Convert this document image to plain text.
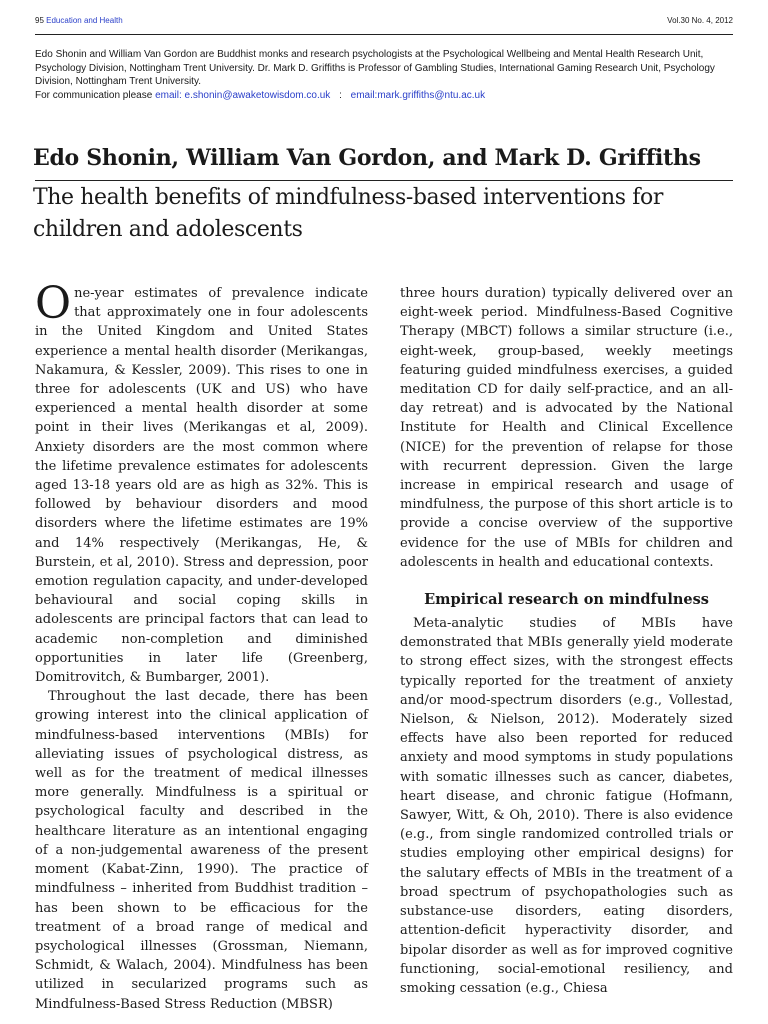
95 Education and Health	Vol.30 No. 4, 2012
Edo Shonin and William Van Gordon are Buddhist monks and research psychologists at the Psychological Wellbeing and Mental Health Research Unit, Psychology Division, Nottingham Trent University. Dr. Mark D. Griffiths is Professor of Gambling Studies, International Gaming Research Unit, Psychology Division, Nottingham Trent University.
For communication please email: e.shonin@awaketowisdom.co.uk : email:mark.griffiths@ntu.ac.uk
Edo Shonin, William Van Gordon, and Mark D. Griffiths
The health benefits of mindfulness-based interventions for children and adolescents

One-year estimates of prevalence indicate that approximately one in four adolescents in the United Kingdom and United States experience a mental health disorder (Merikangas, Nakamura, & Kessler, 2009). This rises to one in three for adolescents (UK and US) who have experienced a mental health disorder at some point in their lives (Merikangas et al, 2009). Anxiety disorders are the most common where the lifetime prevalence estimates for adolescents aged 13-18 years old are as high as 32%. This is followed by behaviour disorders and mood disorders where the lifetime estimates are 19% and 14% respectively (Merikangas, He, & Burstein, et al, 2010). Stress and depression, poor emotion regulation capacity, and under-developed behavioural and social coping skills in adolescents are principal factors that can lead to academic non-completion and diminished opportunities in later life (Greenberg, Domitrovitch, & Bumbarger, 2001).

Throughout the last decade, there has been growing interest into the clinical application of mindfulness-based interventions (MBIs) for alleviating issues of psychological distress, as well as for the treatment of medical illnesses more generally. Mindfulness is a spiritual or psychological faculty and described in the healthcare literature as an intentional engaging of a non-judgemental awareness of the present moment (Kabat-Zinn, 1990). The practice of mindfulness – inherited from Buddhist tradition – has been shown to be efficacious for the treatment of a broad range of medical and psychological illnesses (Grossman, Niemann, Schmidt, & Walach, 2004). Mindfulness has been utilized in secularized programs such as Mindfulness-Based Stress Reduction (MBSR)

three hours duration) typically delivered over an eight-week period. Mindfulness-Based Cognitive Therapy (MBCT) follows a similar structure (i.e., eight-week, group-based, weekly meetings featuring guided mindfulness exercises, a guided meditation CD for daily self-practice, and an all-day retreat) and is advocated by the National Institute for Health and Clinical Excellence (NICE) for the prevention of relapse for those with recurrent depression. Given the large increase in empirical research and usage of mindfulness, the purpose of this short article is to provide a concise overview of the supportive evidence for the use of MBIs for children and adolescents in health and educational contexts.

Empirical research on mindfulness

Meta-analytic studies of MBIs have demonstrated that MBIs generally yield moderate to strong effect sizes, with the strongest effects typically reported for the treatment of anxiety and/or mood-spectrum disorders (e.g., Vollestad, Nielson, & Nielson, 2012). Moderately sized effects have also been reported for reduced anxiety and mood symptoms in study populations with somatic illnesses such as cancer, diabetes, heart disease, and chronic fatigue (Hofmann, Sawyer, Witt, & Oh, 2010). There is also evidence (e.g., from single randomized controlled trials or studies employing other empirical designs) for the salutary effects of MBIs in the treatment of a broad spectrum of psychopathologies such as substance-use disorders, eating disorders, attention-deficit hyperactivity disorder, and bipolar disorder as well as for improved cognitive functioning, social-emotional resiliency, and smoking cessation (e.g., Chiesa
